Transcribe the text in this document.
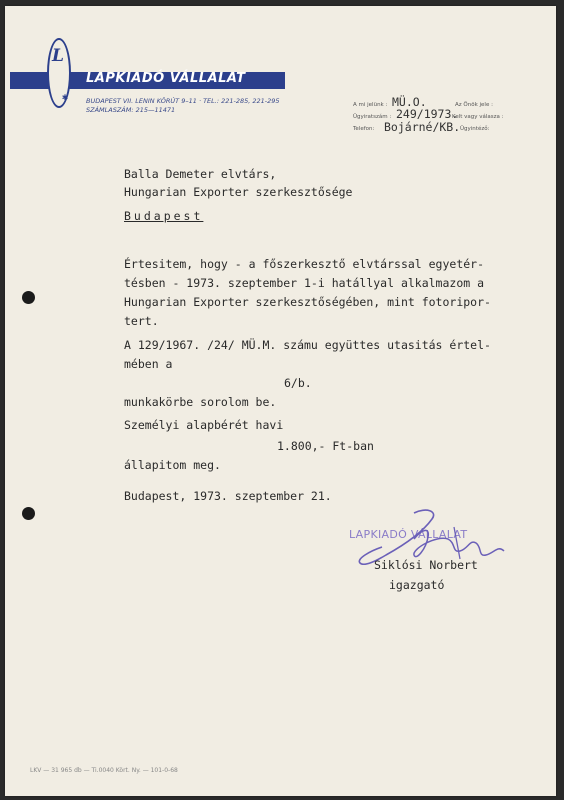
L
✱
LAPKIADÓ VÁLLALAT
BUDAPEST VII. LENIN KÖRÚT 9–11 · TEL.: 221-285, 221-295
SZÁMLASZÁM: 215—11471
A mi jelünk : MÜ.O.	Az Önök jele :
Ügyiratszám : 249/1973.
Kelt vagy válasza :
Telefon: Bojárné/KB. Ügyintéző:
Balla Demeter elvtárs,
Hungarian Exporter szerkesztősége
Budapest
Értesitem, hogy - a főszerkesztő elvtárssal egyetér-
tésben - 1973. szeptember 1-i hatállyal alkalmazom a
Hungarian Exporter szerkesztőségében, mint fotoripor-
tert.
A 129/1967. /24/ MÜ.M. számu együttes utasitás értel-
mében a
6/b.
munkakörbe sorolom be.
Személyi alapbérét havi
1.800,- Ft-ban
állapitom meg.
Budapest, 1973. szeptember 21.
LAPKIADÓ VÁLLALAT
Siklósi Norbert
igazgató
LKV — 31 965 db — Ti.0040 Kört. Ny. — 101-0-68
